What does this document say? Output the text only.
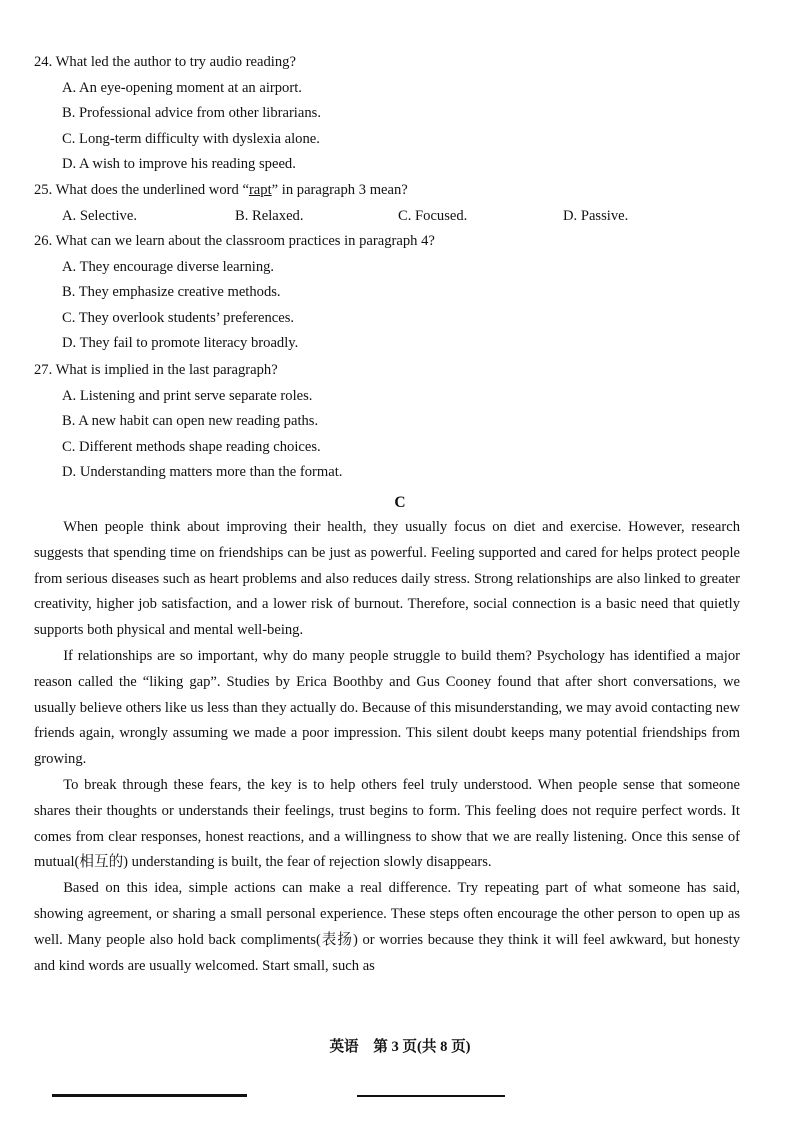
24. What led the author to try audio reading?
A. An eye-opening moment at an airport.
B. Professional advice from other librarians.
C. Long-term difficulty with dyslexia alone.
D. A wish to improve his reading speed.
25. What does the underlined word “rapt” in paragraph 3 mean?
A. Selective.	B. Relaxed.	C. Focused.	D. Passive.
26. What can we learn about the classroom practices in paragraph 4?
A. They encourage diverse learning.
B. They emphasize creative methods.
C. They overlook students’ preferences.
D. They fail to promote literacy broadly.
27. What is implied in the last paragraph?
A. Listening and print serve separate roles.
B. A new habit can open new reading paths.
C. Different methods shape reading choices.
D. Understanding matters more than the format.
C

When people think about improving their health, they usually focus on diet and exercise. However, research suggests that spending time on friendships can be just as powerful. Feeling supported and cared for helps protect people from serious diseases such as heart problems and also reduces daily stress. Strong relationships are also linked to greater creativity, higher job satisfaction, and a lower risk of burnout. Therefore, social connection is a basic need that quietly supports both physical and mental well-being.

If relationships are so important, why do many people struggle to build them? Psychology has identified a major reason called the “liking gap”. Studies by Erica Boothby and Gus Cooney found that after short conversations, we usually believe others like us less than they actually do. Because of this misunderstanding, we may avoid contacting new friends again, wrongly assuming we made a poor impression. This silent doubt keeps many potential friendships from growing.

To break through these fears, the key is to help others feel truly understood. When people sense that someone shares their thoughts or understands their feelings, trust begins to form. This feeling does not require perfect words. It comes from clear responses, honest reactions, and a willingness to show that we are really listening. Once this sense of mutual(相互的) understanding is built, the fear of rejection slowly disappears.

Based on this idea, simple actions can make a real difference. Try repeating part of what someone has said, showing agreement, or sharing a small personal experience. These steps often encourage the other person to open up as well. Many people also hold back compliments(表扬) or worries because they think it will feel awkward, but honesty and kind words are usually welcomed. Start small, such as

英语　第 3 页(共 8 页)
